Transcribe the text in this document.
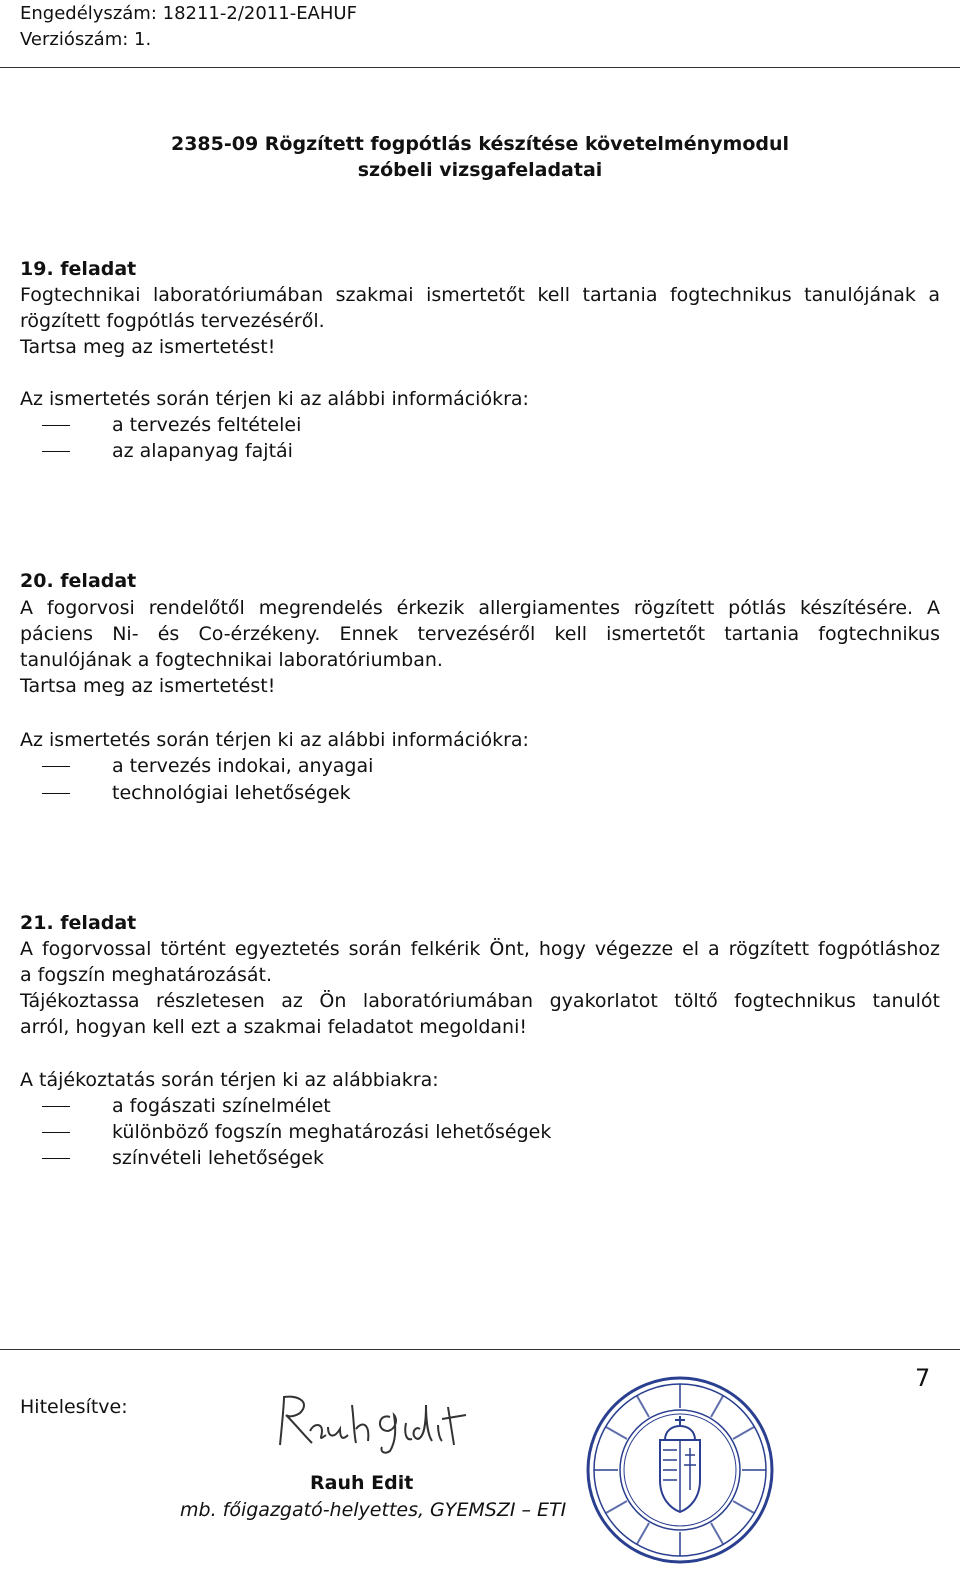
Engedélyszám: 18211-2/2011-EAHUF
Verziószám: 1.
2385-09 Rögzített fogpótlás készítése követelménymodul
szóbeli vizsgafeladatai
19. feladat
Fogtechnikai laboratóriumában szakmai ismertetőt kell tartania fogtechnikus tanulójának a
rögzített fogpótlás tervezéséről.
Tartsa meg az ismertetést!
Az ismertetés során térjen ki az alábbi információkra:
a tervezés feltételei
az alapanyag fajtái
20. feladat
A fogorvosi rendelőtől megrendelés érkezik allergiamentes rögzített pótlás készítésére. A
páciens Ni- és Co-érzékeny. Ennek tervezéséről kell ismertetőt tartania fogtechnikus
tanulójának a fogtechnikai laboratóriumban.
Tartsa meg az ismertetést!
Az ismertetés során térjen ki az alábbi információkra:
a tervezés indokai, anyagai
technológiai lehetőségek
21. feladat
A fogorvossal történt egyeztetés során felkérik Önt, hogy végezze el a rögzített fogpótláshoz
a fogszín meghatározását.
Tájékoztassa részletesen az Ön laboratóriumában gyakorlatot töltő fogtechnikus tanulót
arról, hogyan kell ezt a szakmai feladatot megoldani!
A tájékoztatás során térjen ki az alábbiakra:
a fogászati színelmélet
különböző fogszín meghatározási lehetőségek
színvételi lehetőségek
7
Hitelesítve:
Rauh Edit
mb. főigazgató-helyettes, GYEMSZI – ETI
